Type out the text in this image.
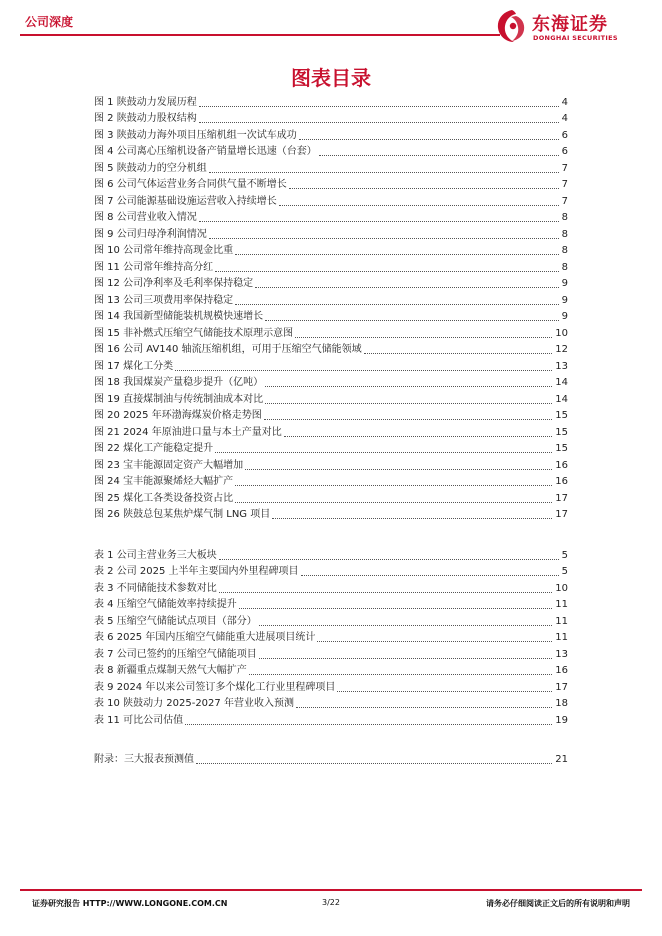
公司深度	东海证券
DONGHAI SECURITIES
图表目录
图 1 陕鼓动力发展历程	4
图 2 陕鼓动力股权结构	4
图 3 陕鼓动力海外项目压缩机组一次试车成功	6
图 4 公司离心压缩机设备产销量增长迅速（台套）	6
图 5 陕鼓动力的空分机组	7
图 6 公司气体运营业务合同供气量不断增长	7
图 7 公司能源基础设施运营收入持续增长	7
图 8 公司营业收入情况	8
图 9 公司归母净利润情况	8
图 10 公司常年维持高现金比重	8
图 11 公司常年维持高分红	8
图 12 公司净利率及毛利率保持稳定	9
图 13 公司三项费用率保持稳定	9
图 14 我国新型储能装机规模快速增长	9
图 15 非补燃式压缩空气储能技术原理示意图	10
图 16 公司 AV140 轴流压缩机组，可用于压缩空气储能领域	12
图 17 煤化工分类	13
图 18 我国煤炭产量稳步提升（亿吨）	14
图 19 直接煤制油与传统制油成本对比	14
图 20 2025 年环渤海煤炭价格走势图	15
图 21 2024 年原油进口量与本土产量对比	15
图 22 煤化工产能稳定提升	15
图 23 宝丰能源固定资产大幅增加	16
图 24 宝丰能源聚烯烃大幅扩产	16
图 25 煤化工各类设备投资占比	17
图 26 陕鼓总包某焦炉煤气制 LNG 项目	17
表 1 公司主营业务三大板块	5
表 2 公司 2025 上半年主要国内外里程碑项目	5
表 3 不同储能技术参数对比	10
表 4 压缩空气储能效率持续提升	11
表 5 压缩空气储能试点项目（部分）	11
表 6 2025 年国内压缩空气储能重大进展项目统计	11
表 7 公司已签约的压缩空气储能项目	13
表 8 新疆重点煤制天然气大幅扩产	16
表 9 2024 年以来公司签订多个煤化工行业里程碑项目	17
表 10 陕鼓动力 2025-2027 年营业收入预测	18
表 11 可比公司估值	19
附录：三大报表预测值	21
证券研究报告 HTTP://WWW.LONGONE.COM.CN	3/22	请务必仔细阅读正文后的所有说明和声明
